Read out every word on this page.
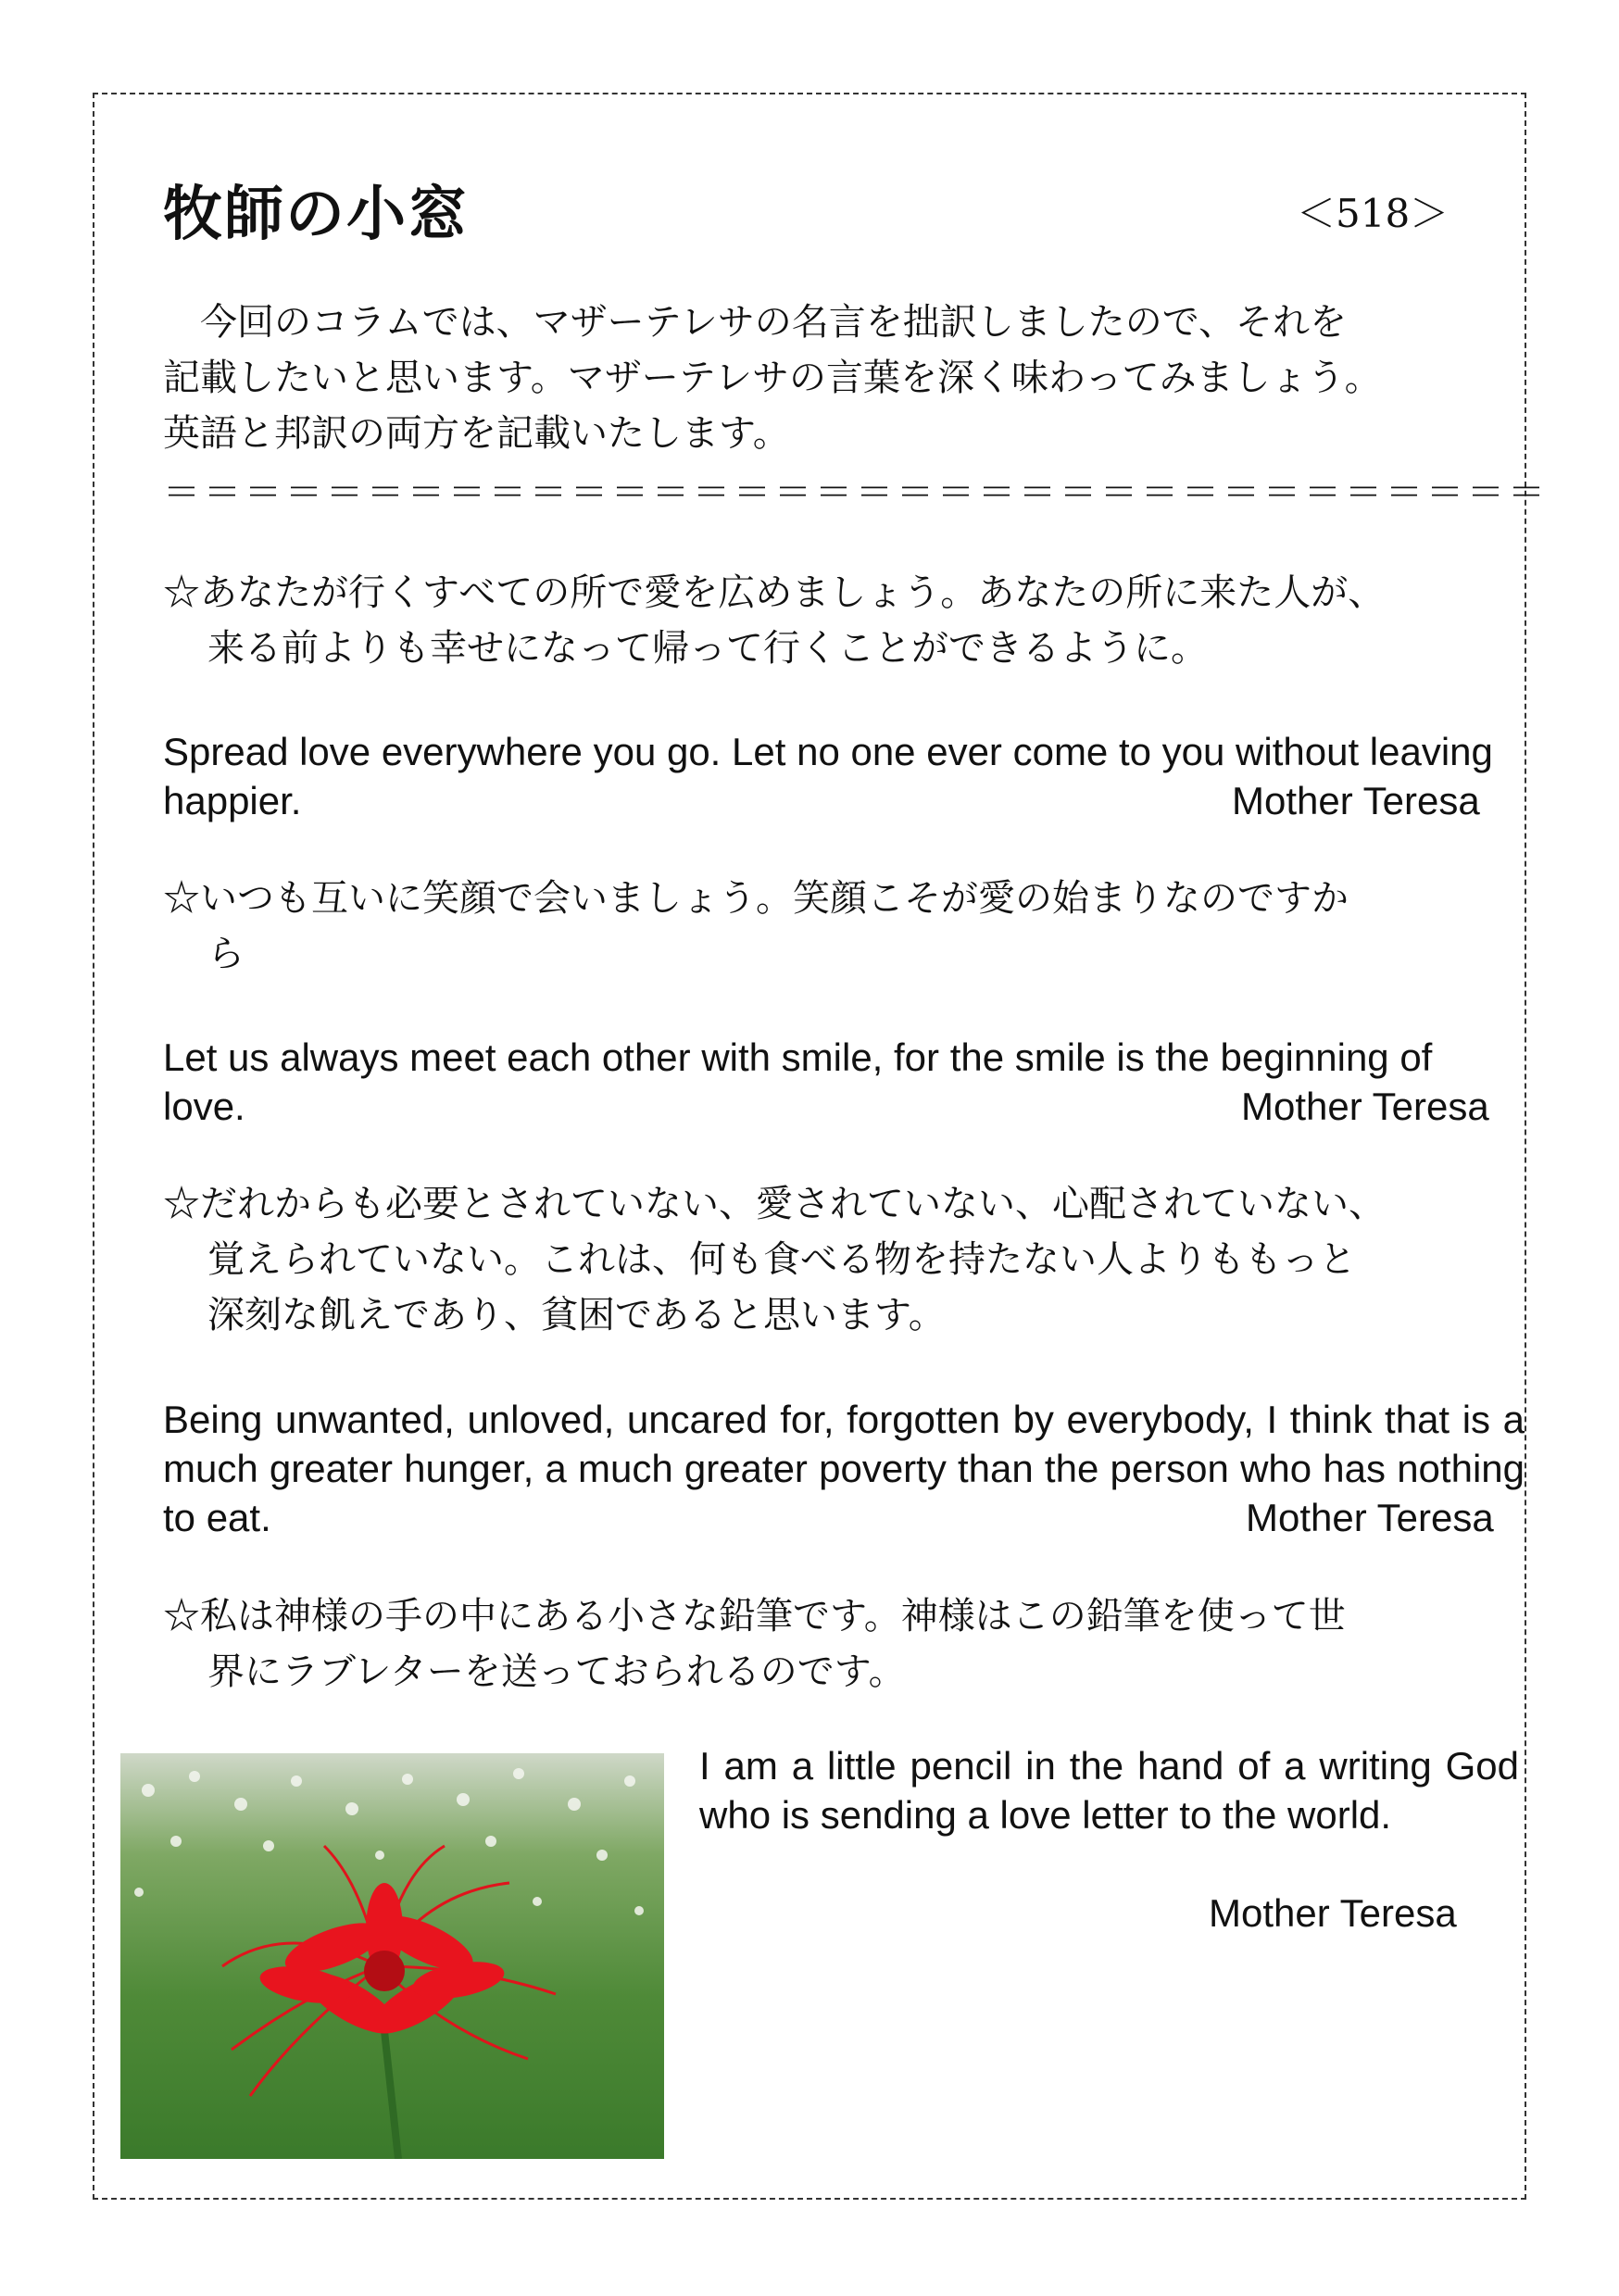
牧師の小窓	＜518＞
　今回のコラムでは、マザーテレサの名言を拙訳しましたので、それを
記載したいと思います。マザーテレサの言葉を深く味わってみましょう。
英語と邦訳の両方を記載いたします。
＝＝＝＝＝＝＝＝＝＝＝＝＝＝＝＝＝＝＝＝＝＝＝＝＝＝＝＝＝＝＝＝＝＝
☆あなたが行くすべての所で愛を広めましょう。あなたの所に来た人が、
来る前よりも幸せになって帰って行くことができるように。
Spread love everywhere you go. Let no one ever come to you without leaving happier.	Mother Teresa
☆いつも互いに笑顔で会いましょう。笑顔こそが愛の始まりなのですか
ら
Let us always meet each other with smile, for the smile is the beginning of love.	Mother Teresa
☆だれからも必要とされていない、愛されていない、心配されていない、
覚えられていない。これは、何も食べる物を持たない人よりももっと
深刻な飢えであり、貧困であると思います。
Being unwanted, unloved, uncared for, forgotten by everybody, I think that is a much greater hunger, a much greater poverty than the person who has nothing to eat.	Mother Teresa
☆私は神様の手の中にある小さな鉛筆です。神様はこの鉛筆を使って世
界にラブレターを送っておられるのです。
I am a little pencil in the hand of a writing God who is sending a love letter to the world.
Mother Teresa
